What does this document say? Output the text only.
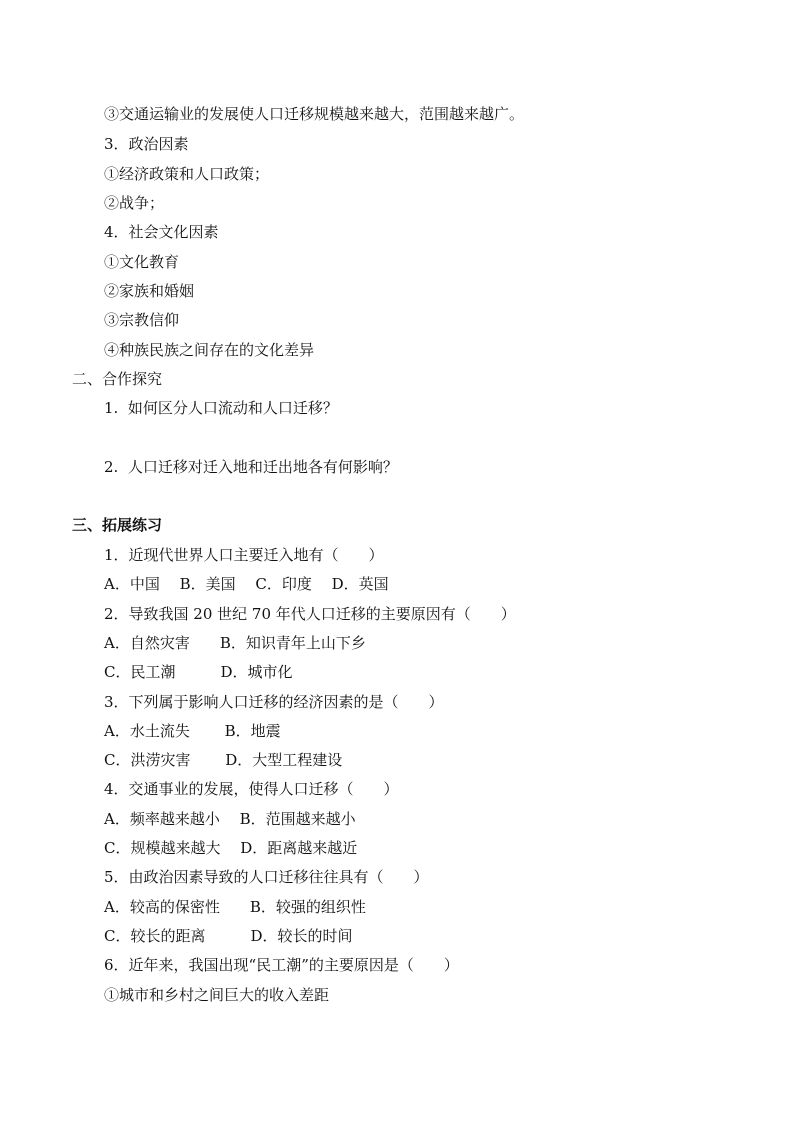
③交通运输业的发展使人口迁移规模越来越大，范围越来越广。
3．政治因素
①经济政策和人口政策；
②战争；
4．社会文化因素
①文化教育
②家族和婚姻
③宗教信仰
④种族民族之间存在的文化差异
二、合作探究
1.  如何区分人口流动和人口迁移？
2.  人口迁移对迁入地和迁出地各有何影响？
三、拓展练习
1．近现代世界人口主要迁入地有（　　）
A．中国　 B．美国　 C．印度　 D．英国
2．导致我国 20 世纪 70 年代人口迁移的主要原因有（　　）
A．自然灾害　　B．知识青年上山下乡
C．民工潮　　　D．城市化
3．下列属于影响人口迁移的经济因素的是（　　）
A．水土流失　　 B．地震
C．洪涝灾害　　 D．大型工程建设
4．交通事业的发展，使得人口迁移（　　）
A．频率越来越小　 B．范围越来越小
C．规模越来越大　 D．距离越来越近
5．由政治因素导致的人口迁移往往具有（　　）
A．较高的保密性　　B．较强的组织性
C．较长的距离　　　D．较长的时间
6．近年来，我国出现“民工潮”的主要原因是（　　）
①城市和乡村之间巨大的收入差距
